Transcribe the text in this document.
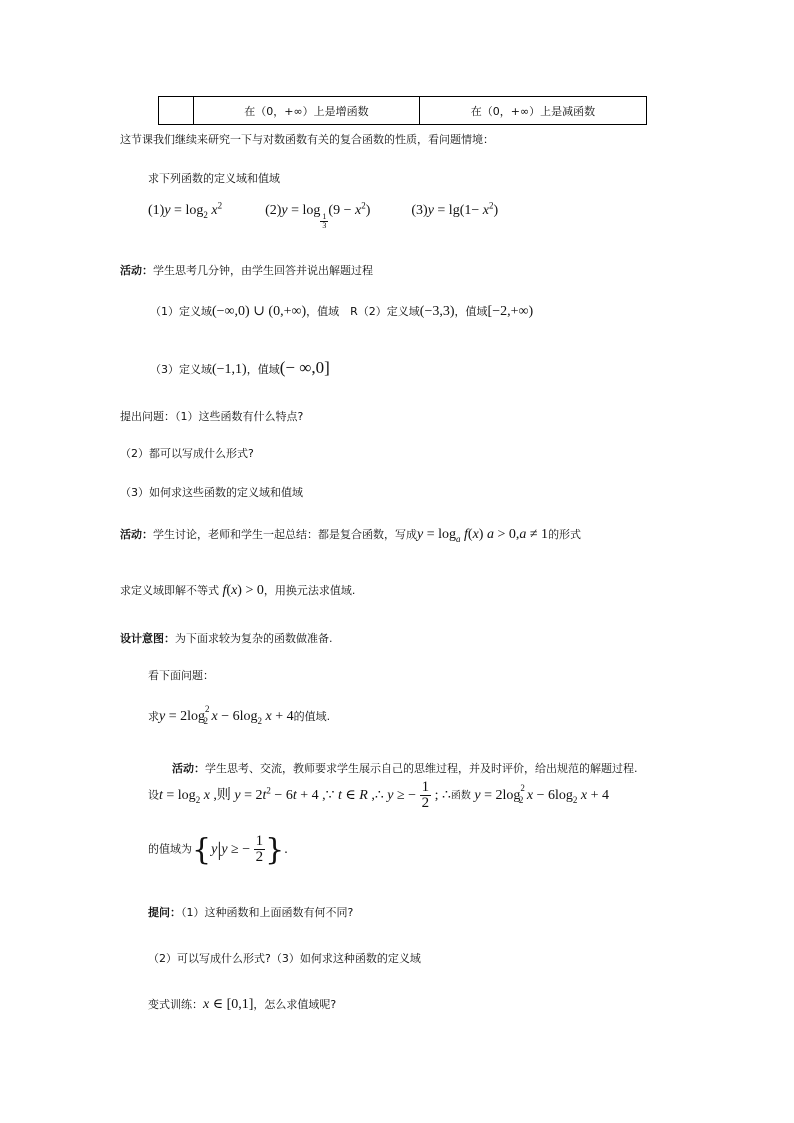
	在（0，+∞）上是增函数	在（0，+∞）上是减函数
这节课我们继续来研究一下与对数函数有关的复合函数的性质，看问题情境：
求下列函数的定义域和值域
$(1)y = \log_2 x^2$	(2)y = log
$_{\frac{1}{3}}$
$(9 - x^2)$	$(3)y = \lg(1- x^2)$
活动：学生思考几分钟，由学生回答并说出解题过程
（1）定义域(−∞,0) ∪ (0,+∞)，值域　R（2）定义域(−3,3)，值域[−2,+∞)
（3）定义域(−1,1)，值域(− ∞,0]
提出问题：（1）这些函数有什么特点?
（2）都可以写成什么形式?
（3）如何求这些函数的定义域和值域
活动：学生讨论，老师和学生一起总结：都是复合函数，写成$y = \log_a f(x) a > 0,a \ne 1$的形式
求定义域即解不等式 f(x) > 0，用换元法求值域.
设计意图：为下面求较为复杂的函数做准备.
看下面问题：
求$y = 2\log^2_2$ $x - 6\log_2$ x + 4的值域.
活动：学生思考、交流，教师要求学生展示自己的思维过程，并及时评价，给出规范的解题过程.
设$t = \log_2 x$ ,则 $y = 2t^2 - 6t + 4$ ,∵ t ∈ R ,∴ y ≥ − $\frac{1}{2}$ ; ∴函数 $y = 2\log^2_2$ $x - 6\log_2$ x + 4
的值域为{y|y ≥ − $\frac{1}{2}$ }.
提问：（1）这种函数和上面函数有何不同?
（2）可以写成什么形式?（3）如何求这种函数的定义域
变式训练：x ∈ [0,1]，怎么求值域呢?
